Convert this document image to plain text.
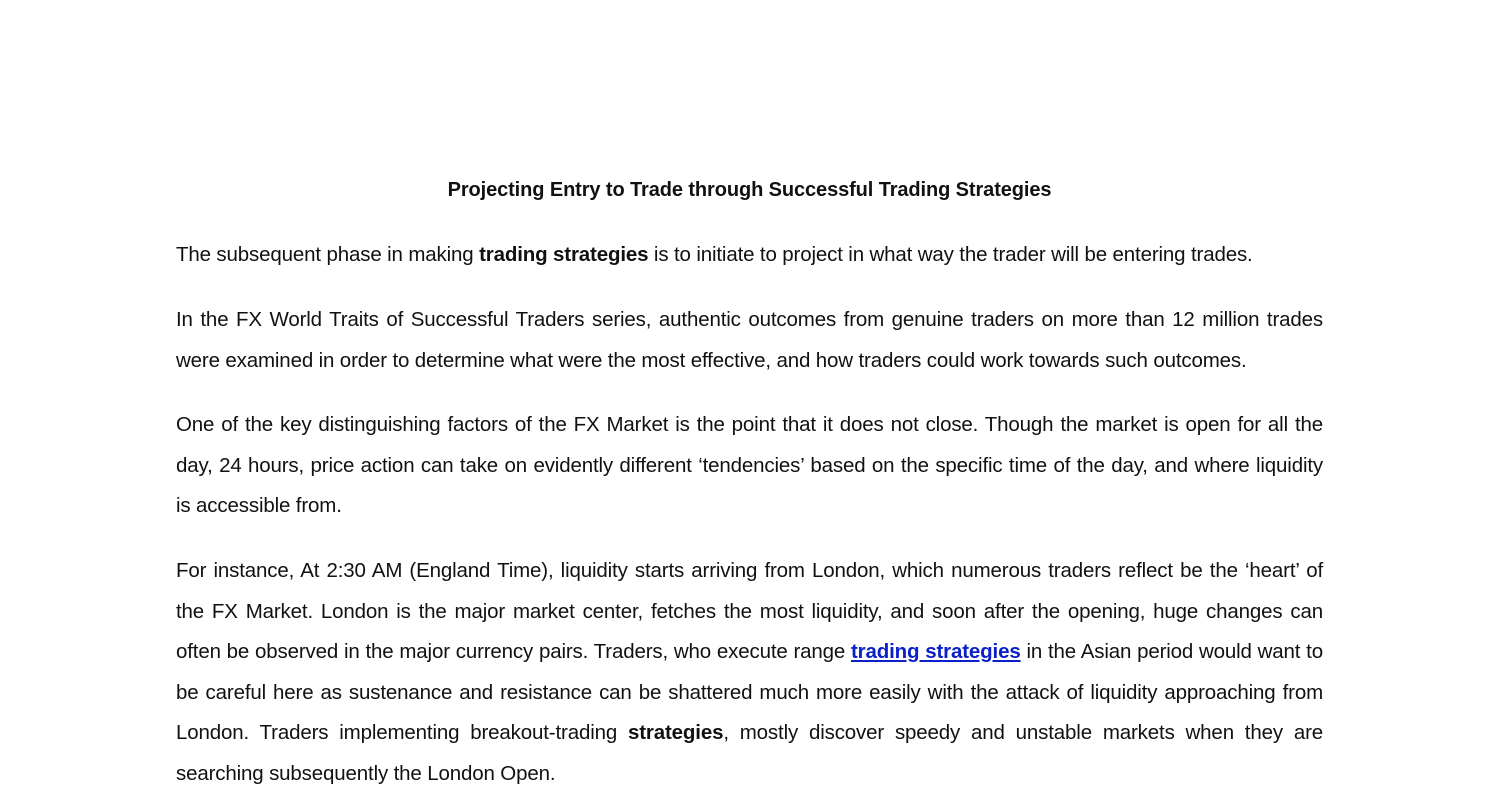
Projecting Entry to Trade through Successful Trading Strategies

The subsequent phase in making trading strategies is to initiate to project in what way the trader will be entering trades.

In the FX World Traits of Successful Traders series, authentic outcomes from genuine traders on more than 12 million trades were examined in order to determine what were the most effective, and how traders could work towards such outcomes.

One of the key distinguishing factors of the FX Market is the point that it does not close. Though the market is open for all the day, 24 hours, price action can take on evidently different ‘tendencies’ based on the specific time of the day, and where liquidity is accessible from.

For instance, At 2:30 AM (England Time), liquidity starts arriving from London, which numerous traders reflect be the ‘heart’ of the FX Market. London is the major market center, fetches the most liquidity, and soon after the opening, huge changes can often be observed in the major currency pairs. Traders, who execute range trading strategies in the Asian period would want to be careful here as sustenance and resistance can be shattered much more easily with the attack of liquidity approaching from London. Traders implementing breakout-trading strategies, mostly discover speedy and unstable markets when they are searching subsequently the London Open.
